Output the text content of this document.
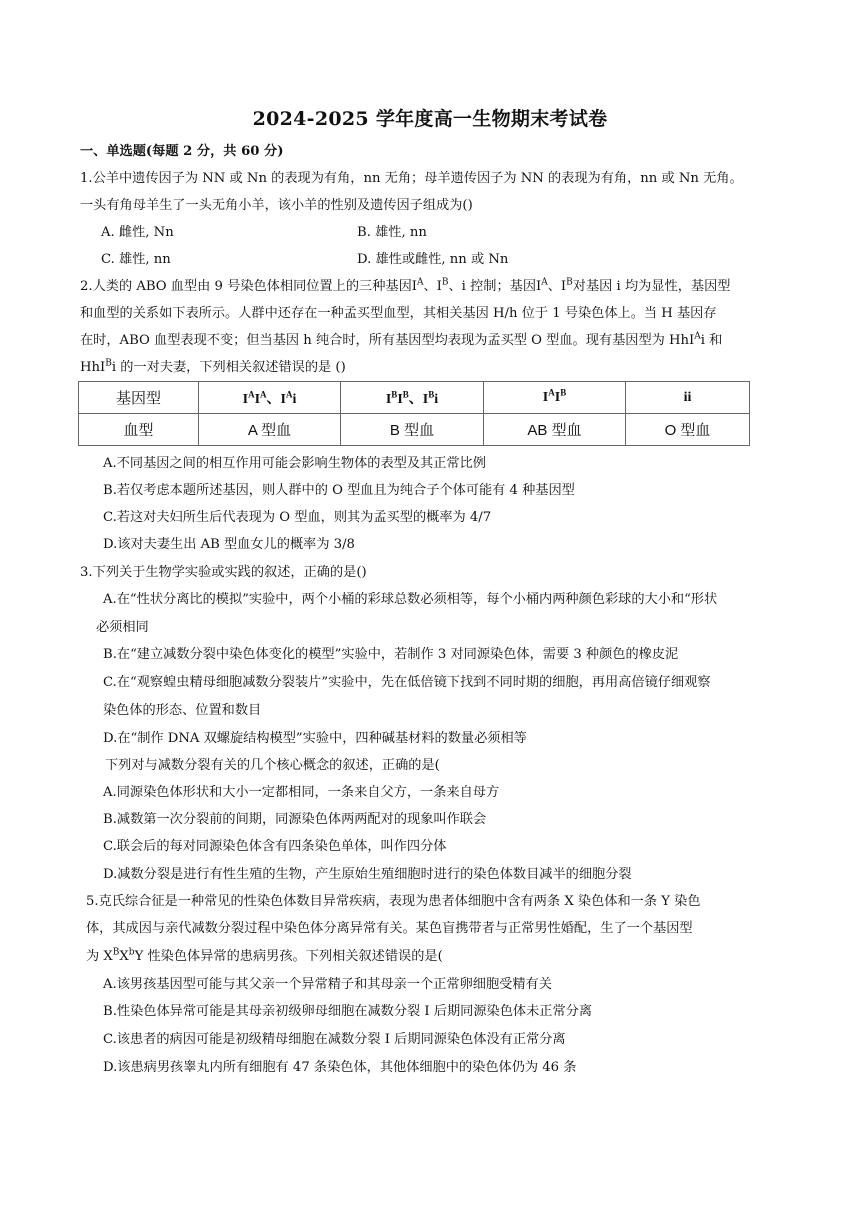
2024-2025 学年度高一生物期末考试卷
一、单选题(每题 2 分，共 60 分)
1.公羊中遗传因子为 NN 或 Nn 的表现为有角，nn 无角；母羊遗传因子为 NN 的表现为有角，nn 或 Nn 无角。
一头有角母羊生了一头无角小羊，该小羊的性别及遗传因子组成为()
A. 雌性, Nn	B. 雄性, nn
C. 雄性, nn	D. 雄性或雌性, nn 或 Nn
2.人类的 ABO 血型由 9 号染色体相同位置上的三种基因$I^A$、$I^B$、i 控制；基因$I^A$、$I^B$对基因 i 均为显性，基因型
和血型的关系如下表所示。人群中还存在一种孟买型血型，其相关基因 H/h 位于 1 号染色体上。当 H 基因存
在时，ABO 血型表现不变；但当基因 h 纯合时，所有基因型均表现为孟买型 O 型血。现有基因型为 HhI$^A$i 和
HhI$^B$i 的一对夫妻，下列相关叙述错误的是 ()
基因型	$I^AI^A$、$I^Ai$	$I^BI^B$、$I^Bi$	$I^AI^B$	ii
血型	A 型血	B 型血	AB 型血	O 型血
A.不同基因之间的相互作用可能会影响生物体的表型及其正常比例
B.若仅考虑本题所述基因，则人群中的 O 型血且为纯合子个体可能有 4 种基因型
C.若这对夫妇所生后代表现为 O 型血，则其为孟买型的概率为 4/7
D.该对夫妻生出 AB 型血女儿的概率为 3/8
3.下列关于生物学实验或实践的叙述，正确的是()
A.在“性状分离比的模拟”实验中，两个小桶的彩球总数必须相等，每个小桶内两种颜色彩球的大小和“形状
必须相同
B.在“建立减数分裂中染色体变化的模型”实验中，若制作 3 对同源染色体，需要 3 种颜色的橡皮泥
C.在“观察蝗虫精母细胞减数分裂装片”实验中，先在低倍镜下找到不同时期的细胞，再用高倍镜仔细观察
染色体的形态、位置和数目
D.在“制作 DNA 双螺旋结构模型”实验中，四种碱基材料的数量必须相等
下列对与减数分裂有关的几个核心概念的叙述，正确的是(
A.同源染色体形状和大小一定都相同，一条来自父方，一条来自母方
B.减数第一次分裂前的间期，同源染色体两两配对的现象叫作联会
C.联会后的每对同源染色体含有四条染色单体，叫作四分体
D.减数分裂是进行有性生殖的生物，产生原始生殖细胞时进行的染色体数目减半的细胞分裂
5.克氏综合征是一种常见的性染色体数目异常疾病，表现为患者体细胞中含有两条 X 染色体和一条 Y 染色
体，其成因与亲代减数分裂过程中染色体分离异常有关。某色盲携带者与正常男性婚配，生了一个基因型
为 $X^BX^bY$ 性染色体异常的患病男孩。下列相关叙述错误的是(
A.该男孩基因型可能与其父亲一个异常精子和其母亲一个正常卵细胞受精有关
B.性染色体异常可能是其母亲初级卵母细胞在减数分裂 I 后期同源染色体未正常分离
C.该患者的病因可能是初级精母细胞在减数分裂 I 后期同源染色体没有正常分离
D.该患病男孩睾丸内所有细胞有 47 条染色体，其他体细胞中的染色体仍为 46 条
